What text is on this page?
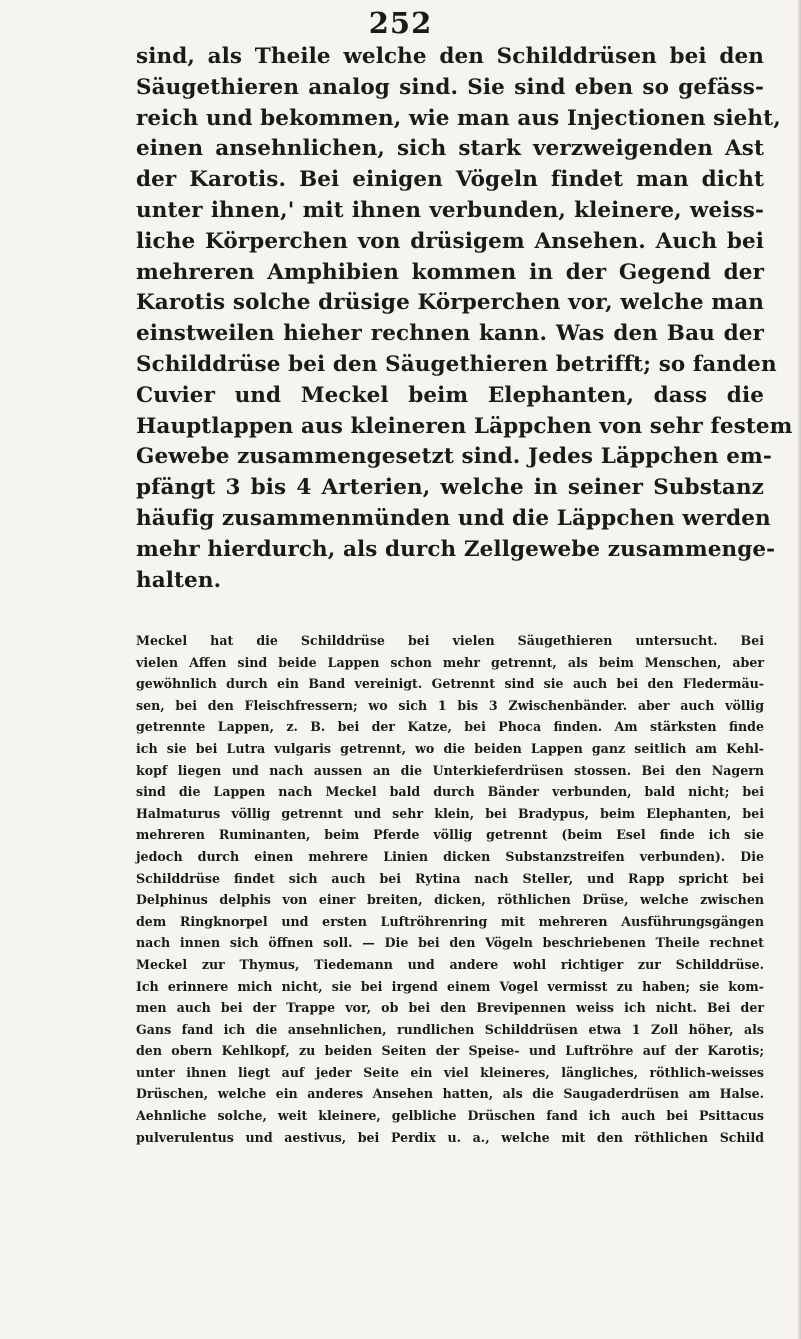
252
sind, als Theile welche den Schilddrüsen bei den
Säugethieren analog sind. Sie sind eben so gefäss-
reich und bekommen, wie man aus Injectionen sieht,
einen ansehnlichen, sich stark verzweigenden Ast
der Karotis. Bei einigen Vögeln findet man dicht
unter ihnen,' mit ihnen verbunden, kleinere, weiss-
liche Körperchen von drüsigem Ansehen. Auch bei
mehreren Amphibien kommen in der Gegend der
Karotis solche drüsige Körperchen vor, welche man
einstweilen hieher rechnen kann. Was den Bau der
Schilddrüse bei den Säugethieren betrifft; so fanden
Cuvier und Meckel beim Elephanten, dass die
Hauptlappen aus kleineren Läppchen von sehr festem
Gewebe zusammengesetzt sind. Jedes Läppchen em-
pfängt 3 bis 4 Arterien, welche in seiner Substanz
häufig zusammenmünden und die Läppchen werden
mehr hierdurch, als durch Zellgewebe zusammenge-
halten.
Meckel hat die Schilddrüse bei vielen Säugethieren untersucht. Bei
vielen Affen sind beide Lappen schon mehr getrennt, als beim Menschen, aber
gewöhnlich durch ein Band vereinigt. Getrennt sind sie auch bei den Fledermäu-
sen, bei den Fleischfressern; wo sich 1 bis 3 Zwischenbänder. aber auch völlig
getrennte Lappen, z. B. bei der Katze, bei Phoca finden. Am stärksten finde
ich sie bei Lutra vulgaris getrennt, wo die beiden Lappen ganz seitlich am Kehl-
kopf liegen und nach aussen an die Unterkieferdrüsen stossen. Bei den Nagern
sind die Lappen nach Meckel bald durch Bänder verbunden, bald nicht; bei
Halmaturus völlig getrennt und sehr klein, bei Bradypus, beim Elephanten, bei
mehreren Ruminanten, beim Pferde völlig getrennt (beim Esel finde ich sie
jedoch durch einen mehrere Linien dicken Substanzstreifen verbunden). Die
Schilddrüse findet sich auch bei Rytina nach Steller, und Rapp spricht bei
Delphinus delphis von einer breiten, dicken, röthlichen Drüse, welche zwischen
dem Ringknorpel und ersten Luftröhrenring mit mehreren Ausführungsgängen
nach innen sich öffnen soll. — Die bei den Vögeln beschriebenen Theile rechnet
Meckel zur Thymus, Tiedemann und andere wohl richtiger zur Schilddrüse.
Ich erinnere mich nicht, sie bei irgend einem Vogel vermisst zu haben; sie kom-
men auch bei der Trappe vor, ob bei den Brevipennen weiss ich nicht. Bei der
Gans fand ich die ansehnlichen, rundlichen Schilddrüsen etwa 1 Zoll höher, als
den obern Kehlkopf, zu beiden Seiten der Speise- und Luftröhre auf der Karotis;
unter ihnen liegt auf jeder Seite ein viel kleineres, längliches, röthlich-weisses
Drüschen, welche ein anderes Ansehen hatten, als die Saugaderdrüsen am Halse.
Aehnliche solche, weit kleinere, gelbliche Drüschen fand ich auch bei Psittacus
pulverulentus und aestivus, bei Perdix u. a., welche mit den röthlichen Schild
